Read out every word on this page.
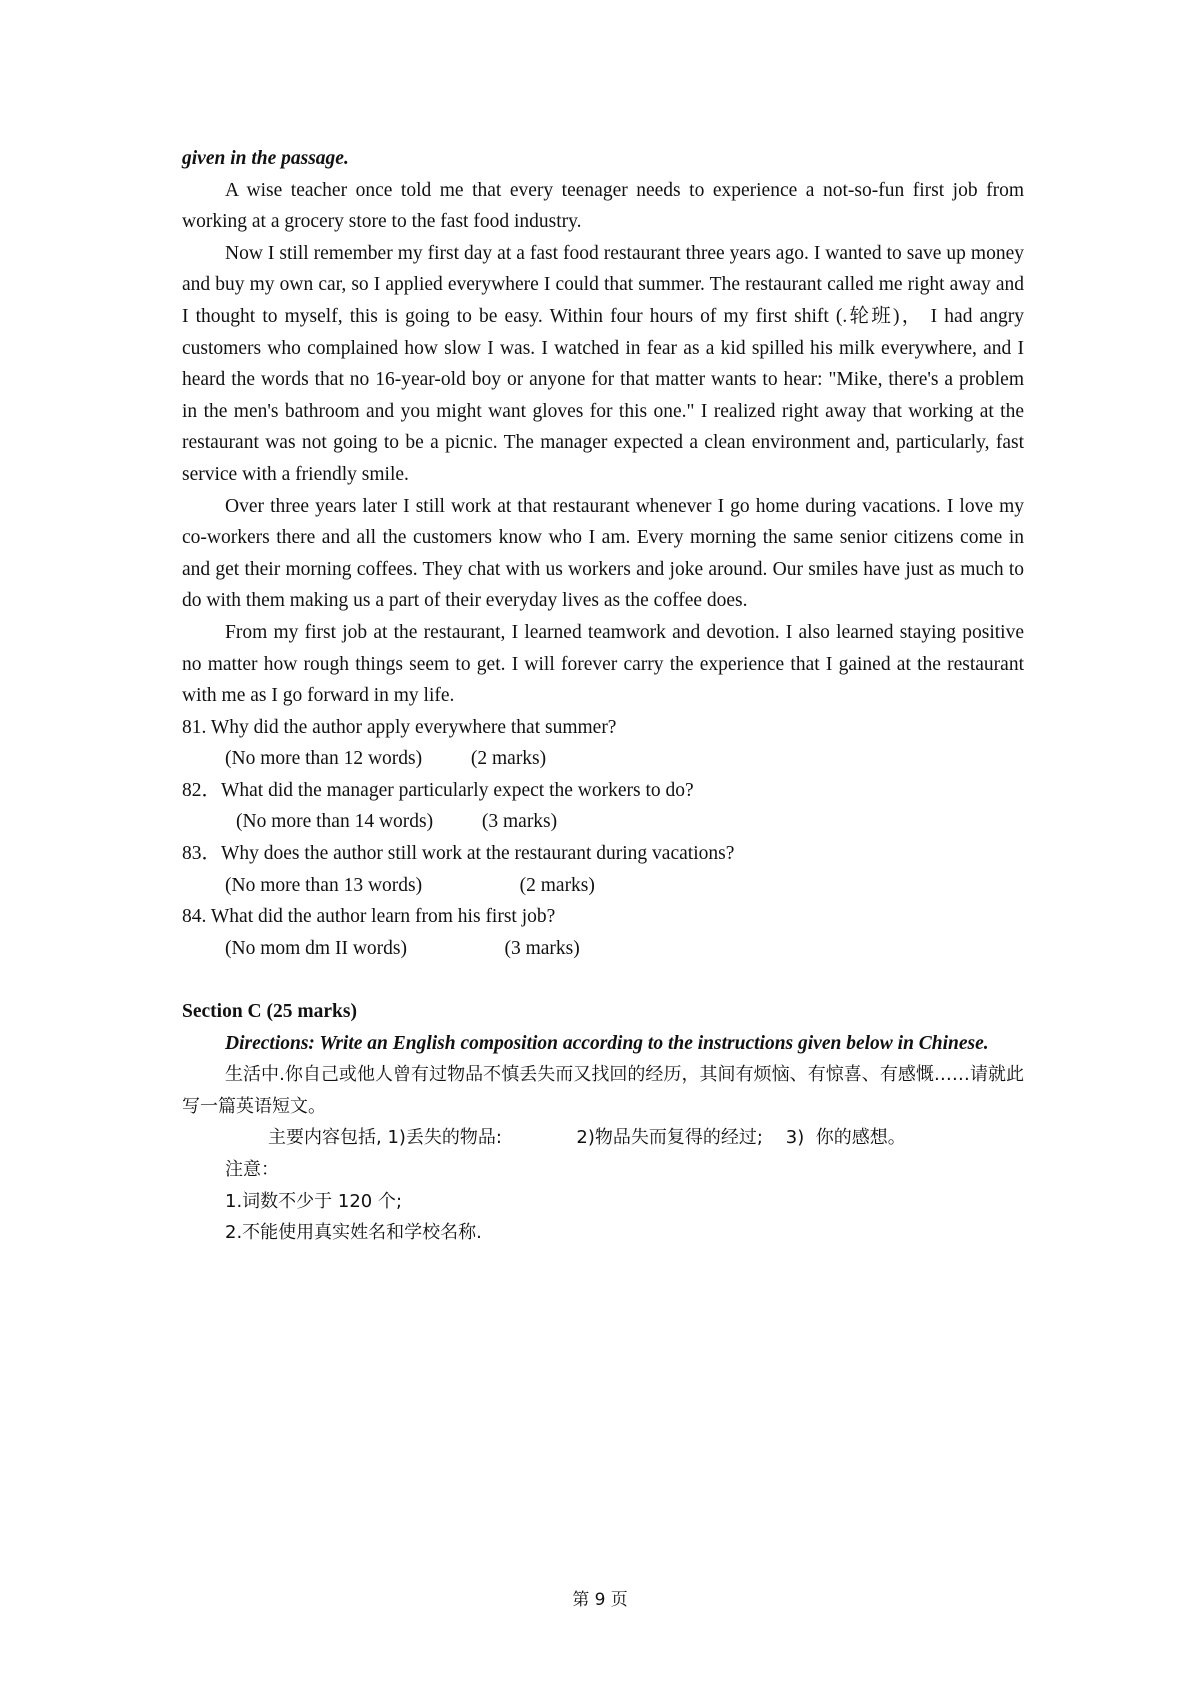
given in the passage.

A wise teacher once told me that every teenager needs to experience a not-so-fun first job from working at a grocery store to the fast food industry.

Now I still remember my first day at a fast food restaurant three years ago. I wanted to save up money and buy my own car, so I applied everywhere I could that summer. The restaurant called me right away and I thought to myself, this is going to be easy. Within four hours of my first shift (.轮班)， I had angry customers who complained how slow I was. I watched in fear as a kid spilled his milk everywhere, and I heard the words that no 16-year-old boy or anyone for that matter wants to hear: "Mike, there's a problem in the men's bathroom and you might want gloves for this one." I realized right away that working at the restaurant was not going to be a picnic. The manager expected a clean environment and, particularly, fast service with a friendly smile.

Over three years later I still work at that restaurant whenever I go home during vacations. I love my co-workers there and all the customers know who I am. Every morning the same senior citizens come in and get their morning coffees. They chat with us workers and joke around. Our smiles have just as much to do with them making us a part of their everyday lives as the coffee does.

From my first job at the restaurant, I learned teamwork and devotion. I also learned staying positive no matter how rough things seem to get. I will forever carry the experience that I gained at the restaurant with me as I go forward in my life.

81. Why did the author apply everywhere that summer?

(No more than 12 words)          (2 marks)

82．What did the manager particularly expect the workers to do?

(No more than 14 words)          (3 marks)

83．Why does the author still work at the restaurant during vacations?

(No more than 13 words)                    (2 marks)

84. What did the author learn from his first job?

(No mom dm II words)                    (3 marks)

Section C (25 marks)

Directions: Write an English composition according to the instructions given below in Chinese.

生活中.你自己或他人曾有过物品不慎丢失而又找回的经历，其间有烦恼、有惊喜、有感慨……请就此写一篇英语短文。

主要内容包括, 1)丢失的物品:             2)物品失而复得的经过;    3)  你的感想。

注意：

1.词数不少于 120 个;

2.不能使用真实姓名和学校名称.

第 9 页
